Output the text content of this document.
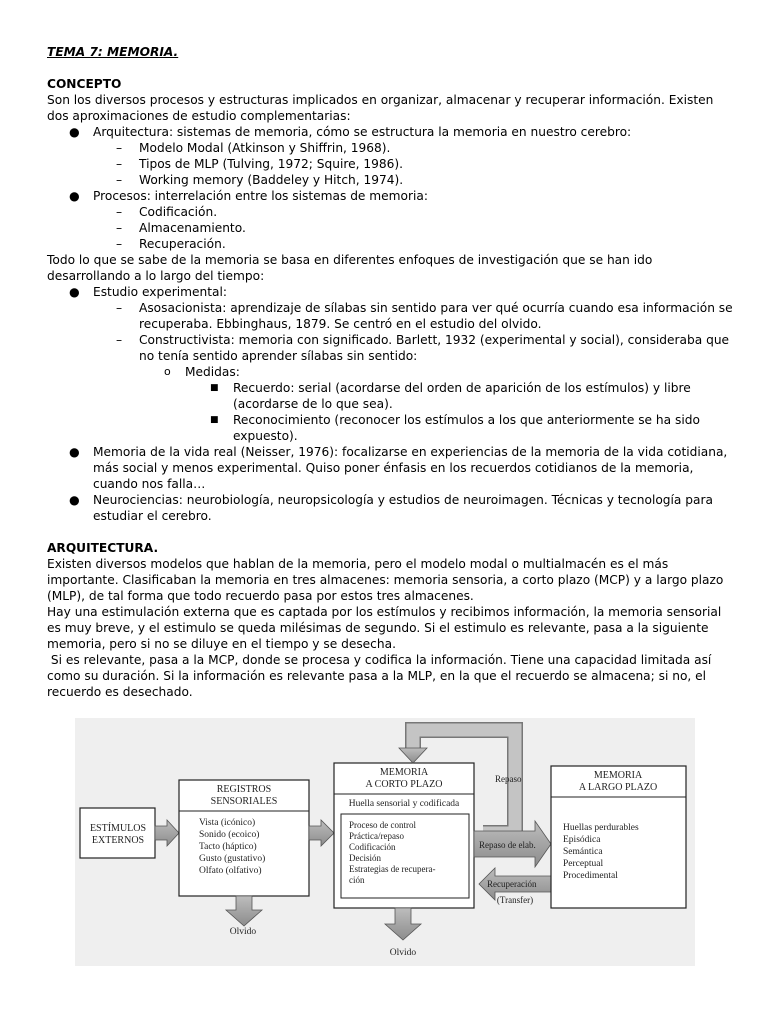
TEMA 7: MEMORIA.

CONCEPTO

Son los diversos procesos y estructuras implicados en organizar, almacenar y recuperar información. Existen dos aproximaciones de estudio complementarias:

● Arquitectura: sistemas de memoria, cómo se estructura la memoria en nuestro cerebro:
– Modelo Modal (Atkinson y Shiffrin, 1968).
– Tipos de MLP (Tulving, 1972; Squire, 1986).
– Working memory (Baddeley y Hitch, 1974).
● Procesos: interrelación entre los sistemas de memoria:
– Codificación.
– Almacenamiento.
– Recuperación.

Todo lo que se sabe de la memoria se basa en diferentes enfoques de investigación que se han ido desarrollando a lo largo del tiempo:

● Estudio experimental:
– Asosacionista: aprendizaje de sílabas sin sentido para ver qué ocurría cuando esa información se recuperaba. Ebbinghaus, 1879. Se centró en el estudio del olvido.
– Constructivista: memoria con significado. Barlett, 1932 (experimental y social), consideraba que no tenía sentido aprender sílabas sin sentido:
o Medidas:
■ Recuerdo: serial (acordarse del orden de aparición de los estímulos) y libre (acordarse de lo que sea).
■ Reconocimiento (reconocer los estímulos a los que anteriormente se ha sido expuesto).
● Memoria de la vida real (Neisser, 1976): focalizarse en experiencias de la memoria de la vida cotidiana, más social y menos experimental. Quiso poner énfasis en los recuerdos cotidianos de la memoria, cuando nos falla…
● Neurociencias: neurobiología, neuropsicología y estudios de neuroimagen. Técnicas y tecnología para estudiar el cerebro.

ARQUITECTURA.

Existen diversos modelos que hablan de la memoria, pero el modelo modal o multialmacén es el más importante. Clasificaban la memoria en tres almacenes: memoria sensoria, a corto plazo (MCP) y a largo plazo (MLP), de tal forma que todo recuerdo pasa por estos tres almacenes.

Hay una estimulación externa que es captada por los estímulos y recibimos información, la memoria sensorial es muy breve, y el estimulo se queda milésimas de segundo. Si el estimulo es relevante, pasa a la siguiente memoria, pero si no se diluye en el tiempo y se desecha.

Si es relevante, pasa a la MCP, donde se procesa y codifica la información. Tiene una capacidad limitada así como su duración. Si la información es relevante pasa a la MLP, en la que el recuerdo se almacena; si no, el recuerdo es desechado.

ESTÍMULOS
EXTERNOS
REGISTROS
SENSORIALES
Vista (icónico)
Sonido (ecoico)
Tacto (háptico)
Gusto (gustativo)
Olfato (olfativo)
Olvido
MEMORIA
A CORTO PLAZO
Huella sensorial y codificada
Proceso de control
Práctica/repaso
Codificación
Decisión
Estrategias de recupera-
ción
Repaso
Repaso de elab.
Recuperación
(Transfer)
Olvido
MEMORIA
A LARGO PLAZO
Huellas perdurables
Episódica
Semántica
Perceptual
Procedimental
